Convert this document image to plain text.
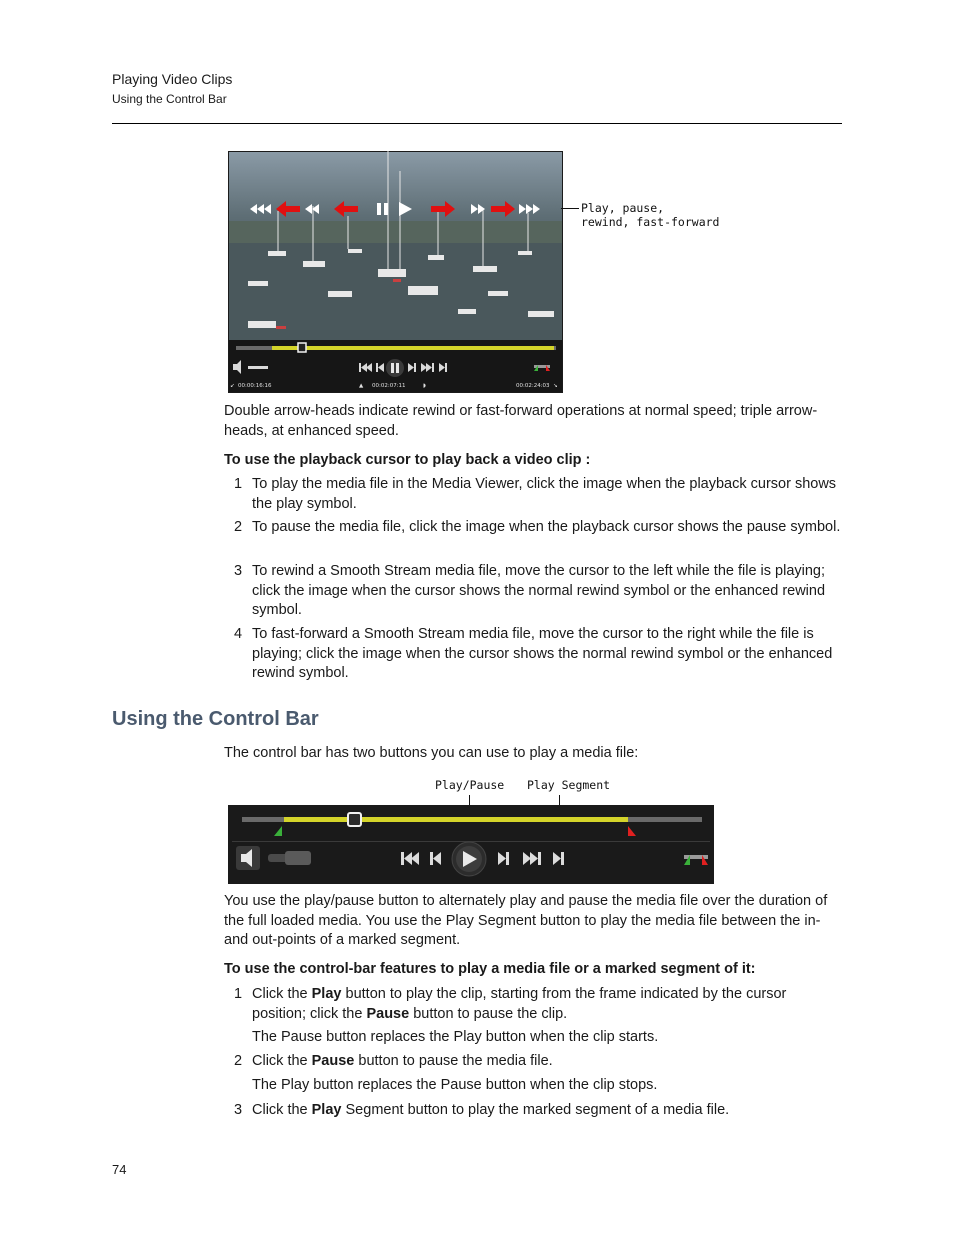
Playing Video Clips
Using the Control Bar
↙ 00:00:16:16	▲ 00:02:07:11	◗	00:02:24:03 ↘
Play, pause,
rewind, fast-forward
Double arrow-heads indicate rewind or fast-forward operations at normal speed; triple arrow-heads, at enhanced speed.
To use the playback cursor to play back a video clip :
1 To play the media file in the Media Viewer, click the image when the playback cursor shows the play symbol.
2 To pause the media file, click the image when the playback cursor shows the pause symbol.
3 To rewind a Smooth Stream media file, move the cursor to the left while the file is playing; click the image when the cursor shows the normal rewind symbol or the enhanced rewind symbol.
4 To fast-forward a Smooth Stream media file, move the cursor to the right while the file is playing; click the image when the cursor shows the normal rewind symbol or the enhanced rewind symbol.
Using the Control Bar
The control bar has two buttons you can use to play a media file:
Play/Pause Play Segment
You use the play/pause button to alternately play and pause the media file over the duration of the full loaded media. You use the Play Segment button to play the media file between the in- and out-points of a marked segment.
To use the control-bar features to play a media file or a marked segment of it:
1 Click the Play button to play the clip, starting from the frame indicated by the cursor position; click the Pause button to pause the clip.
The Pause button replaces the Play button when the clip starts.
2 Click the Pause button to pause the media file.
The Play button replaces the Pause button when the clip stops.
3 Click the Play Segment button to play the marked segment of a media file.
74
